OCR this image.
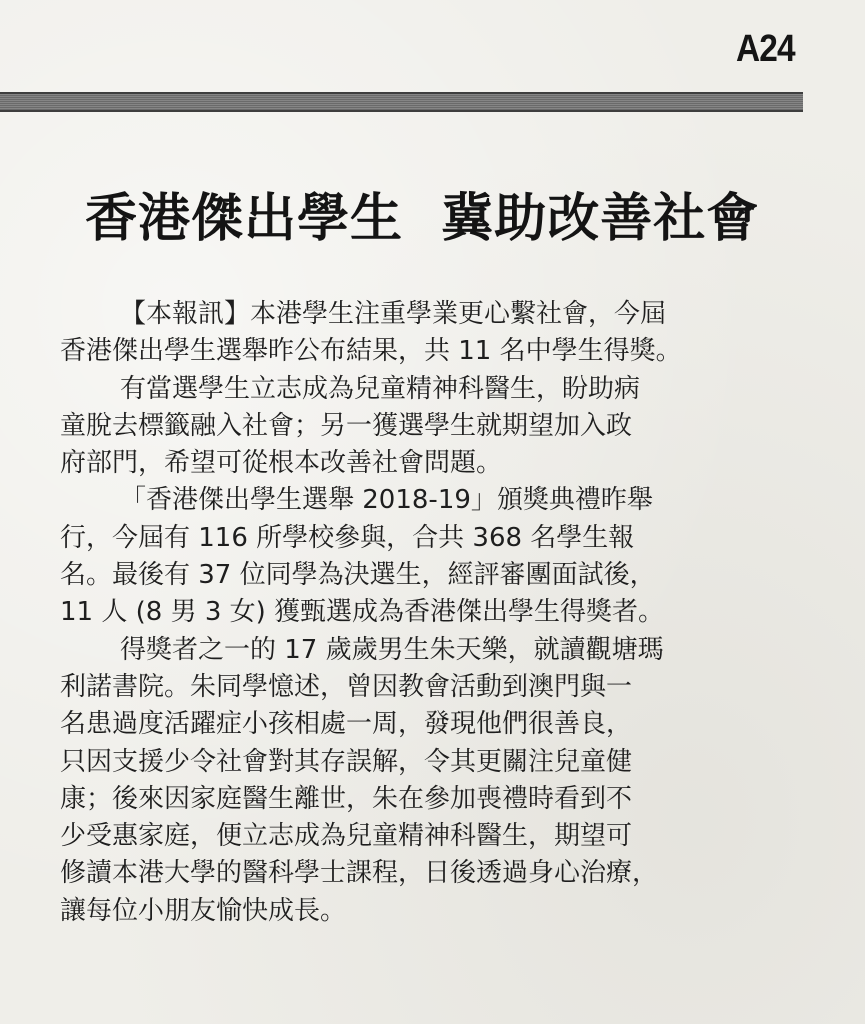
A24
香港傑出學生  冀助改善社會
【本報訊】本港學生注重學業更心繫社會，今屆
香港傑出學生選舉昨公布結果，共 11 名中學生得獎。
有當選學生立志成為兒童精神科醫生，盼助病
童脫去標籤融入社會；另一獲選學生就期望加入政
府部門，希望可從根本改善社會問題。
「香港傑出學生選舉 2018-19」頒獎典禮昨舉
行，今屆有 116 所學校參與，合共 368 名學生報
名。最後有 37 位同學為決選生，經評審團面試後，
11 人 (8 男 3 女) 獲甄選成為香港傑出學生得獎者。
得獎者之一的 17 歲歲男生朱天樂，就讀觀塘瑪
利諾書院。朱同學憶述，曾因教會活動到澳門與一
名患過度活躍症小孩相處一周，發現他們很善良，
只因支援少令社會對其存誤解，令其更關注兒童健
康；後來因家庭醫生離世，朱在參加喪禮時看到不
少受惠家庭，便立志成為兒童精神科醫生，期望可
修讀本港大學的醫科學士課程，日後透過身心治療，
讓每位小朋友愉快成長。
